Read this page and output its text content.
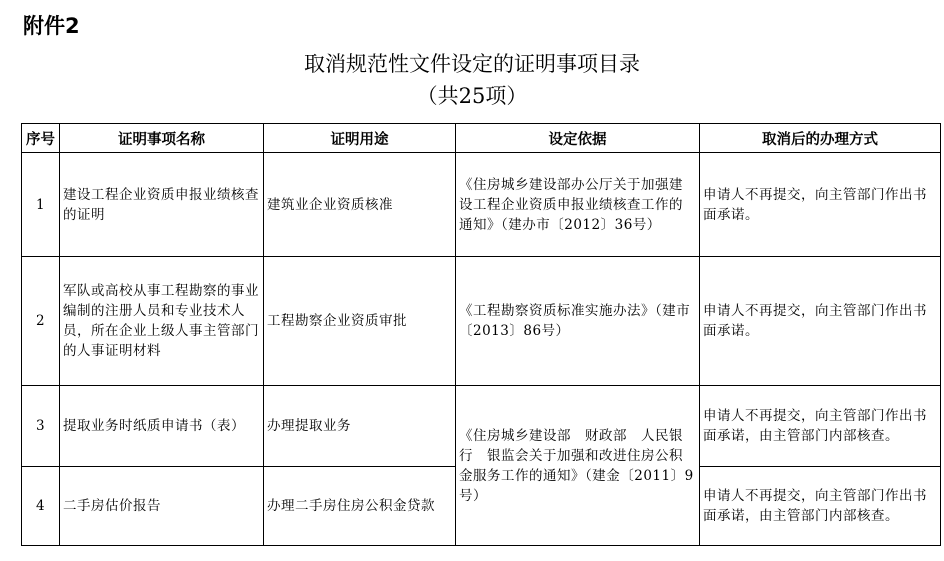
附件2
取消规范性文件设定的证明事项目录
（共25项）
序号	证明事项名称	证明用途	设定依据	取消后的办理方式
1	建设工程企业资质申报业绩核查的证明	建筑业企业资质核准	《住房城乡建设部办公厅关于加强建设工程企业资质申报业绩核查工作的通知》（建办市〔2012〕36号）	申请人不再提交，向主管部门作出书面承诺。
2	军队或高校从事工程勘察的事业编制的注册人员和专业技术人员，所在企业上级人事主管部门的人事证明材料	工程勘察企业资质审批	《工程勘察资质标准实施办法》（建市〔2013〕86号）	申请人不再提交，向主管部门作出书面承诺。
3	提取业务时纸质申请书（表）	办理提取业务	《住房城乡建设部　财政部　人民银行　银监会关于加强和改进住房公积金服务工作的通知》（建金〔2011〕9号）	申请人不再提交，向主管部门作出书面承诺，由主管部门内部核查。
4	二手房估价报告	办理二手房住房公积金贷款		申请人不再提交，向主管部门作出书面承诺，由主管部门内部核查。
